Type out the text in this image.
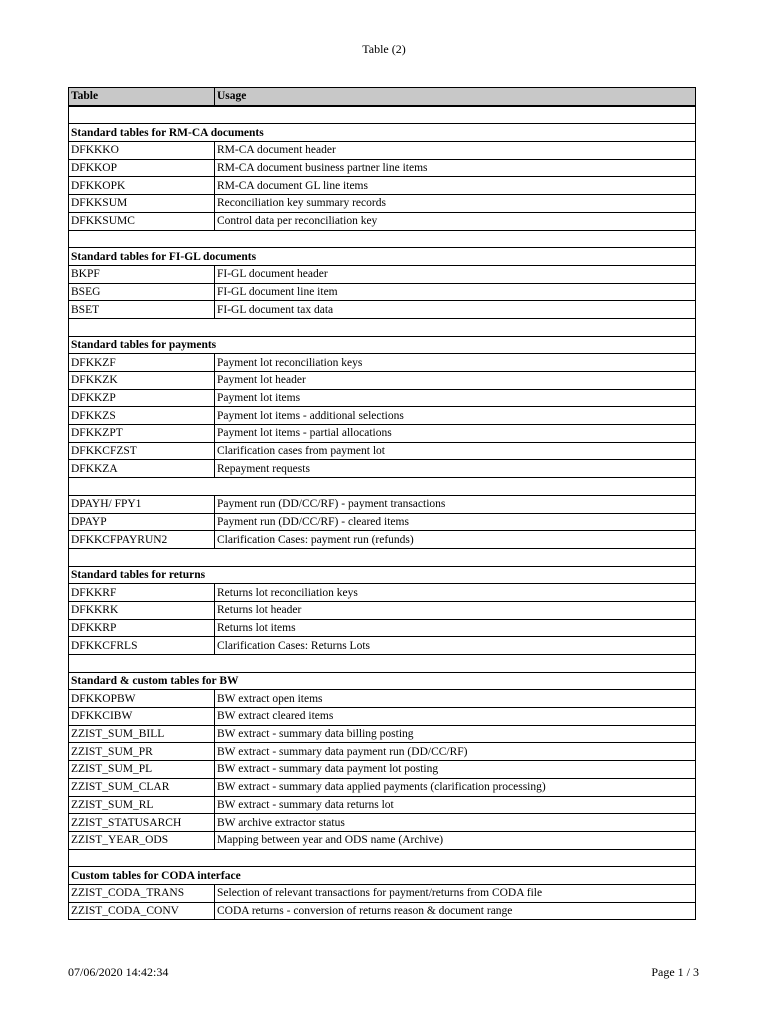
Table (2)
Table	Usage

Standard tables for RM-CA documents	
DFKKKO	RM-CA document header
DFKKOP	RM-CA document business partner line items
DFKKOPK	RM-CA document GL line items
DFKKSUM	Reconciliation key summary records
DFKKSUMC	Control data per reconciliation key

Standard tables for FI-GL documents	
BKPF	FI-GL document header
BSEG	FI-GL document line item
BSET	FI-GL document tax data

Standard tables for payments	
DFKKZF	Payment lot reconciliation keys
DFKKZK	Payment lot header
DFKKZP	Payment lot items
DFKKZS	Payment lot items - additional selections
DFKKZPT	Payment lot items - partial allocations
DFKKCFZST	Clarification cases from payment lot
DFKKZA	Repayment requests

DPAYH/ FPY1	Payment run (DD/CC/RF) - payment transactions
DPAYP	Payment run (DD/CC/RF) - cleared items
DFKKCFPAYRUN2	Clarification Cases: payment run (refunds)

Standard tables for returns	
DFKKRF	Returns lot reconciliation keys
DFKKRK	Returns lot header
DFKKRP	Returns lot items
DFKKCFRLS	Clarification Cases: Returns Lots

Standard & custom tables for BW	
DFKKOPBW	BW extract open items
DFKKCIBW	BW extract cleared items
ZZIST_SUM_BILL	BW extract - summary data billing posting
ZZIST_SUM_PR	BW extract - summary data payment run (DD/CC/RF)
ZZIST_SUM_PL	BW extract - summary data payment lot posting
ZZIST_SUM_CLAR	BW extract - summary data applied payments (clarification processing)
ZZIST_SUM_RL	BW extract - summary data returns lot
ZZIST_STATUSARCH	BW archive extractor status
ZZIST_YEAR_ODS	Mapping between year and ODS name (Archive)

Custom tables for CODA interface	
ZZIST_CODA_TRANS	Selection of relevant transactions for payment/returns from CODA file
ZZIST_CODA_CONV	CODA returns - conversion of returns reason & document range
07/06/2020 14:42:34	Page 1 / 3
